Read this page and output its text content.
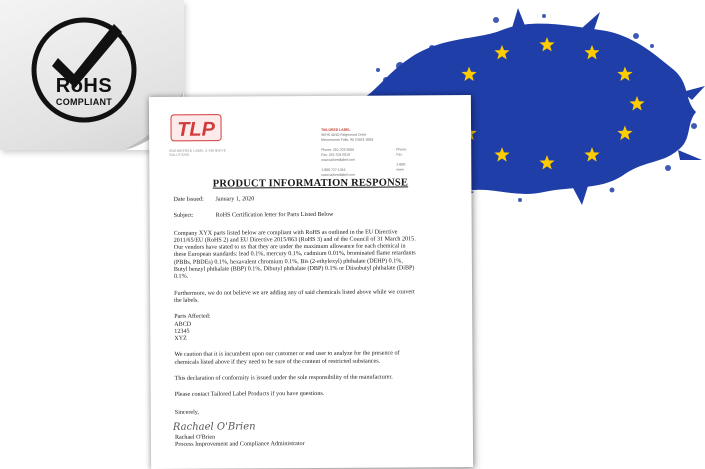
RoHS
COMPLIANT
TLP
ENGINEERED LABEL & ADHESIVE SOLUTIONS
TAILORED LABEL
W/HS 40/10 Ridgewood Drive
Menomonee Falls, WI 53051-3609
Phone: 262-703-5000
Fax: 262-703-5019
www.tailoredlabel.com
1-800-727-1344
www.tailoredlabel.com
Phone:
Fax:
1-800-
www.
PRODUCT INFORMATION RESPONSE
Date Issued: January 1, 2020
Subject:	RoHS Certification letter for Parts Listed Below

Company XYX parts listed below are compliant with RoHS as outlined in the EU Directive
2011/65/EU (RoHS 2) and EU Directive 2015/863 (RoHS 3) and of the Council of 31 March 2015.
Our vendors have stated to us that they are under the maximum allowance for each chemical in
these European standards: lead 0.1%, mercury 0.1%, cadmium 0.01%, brominated flame retardants
(PBBs, PBDEs) 0.1%, hexavalent chromium 0.1%, Bis (2-ethylexyl) phthalate (DEHP) 0.1%,
Butyl benzyl phthalate (BBP) 0.1%, Dibutyl phthalate (DBP) 0.1% or Diisobutyl phthalate (DiBP)
0.1%.

Furthermore, we do not believe we are adding any of said chemicals listed above while we convert
the labels.

Parts Affected:
ABCD
12345
XYZ

We caution that it is incumbent upon our customer or end user to analyze for the presence of
chemicals listed above if they need to be sure of the content of restricted substances.

This declaration of conformity is issued under the sole responsibility of the manufacturer.

Please contact Tailored Label Products if you have questions.

Sincerely,
Rachael O'Brien
Rachael O'Brien
Process Improvement and Compliance Administrator
